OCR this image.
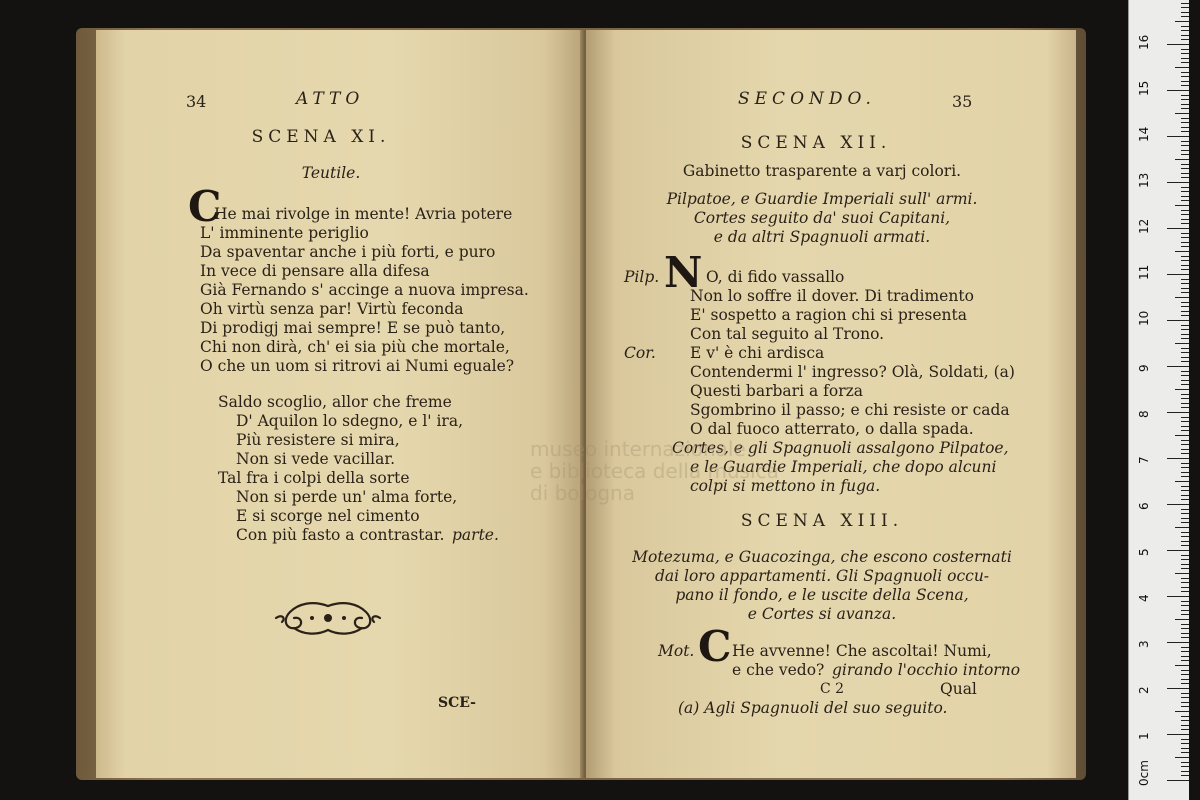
34	ATTO
SCENA XI.
Teutile.
C
He mai rivolge in mente! Avria potere
L' imminente periglio
Da spaventar anche i più forti, e puro
In vece di pensare alla difesa
Già Fernando s' accinge a nuova impresa.
Oh virtù senza par! Virtù feconda
Di prodigj mai sempre! E se può tanto,
Chi non dirà, ch' ei sia più che mortale,
O che un uom si ritrovi ai Numi eguale?
Saldo scoglio, allor che freme
D' Aquilon lo sdegno, e l' ira,
Più resistere si mira,
Non si vede vacillar.
Tal fra i colpi della sorte
Non si perde un' alma forte,
E si scorge nel cimento
Con più fasto a contrastar. parte.
SCE-
SECONDO.	35
SCENA XII.
Gabinetto trasparente a varj colori.
Pilpatoe, e Guardie Imperiali sull' armi.
Cortes seguito da' suoi Capitani,
e da altri Spagnuoli armati.
Pilp. N O, di fido vassallo
Non lo soffre il dover. Di tradimento
E' sospetto a ragion chi si presenta
Con tal seguito al Trono.
Cor. E v' è chi ardisca
Contendermi l' ingresso? Olà, Soldati, (a)
Questi barbari a forza
Sgombrino il passo; e chi resiste or cada
O dal fuoco atterrato, o dalla spada.
Cortes, e gli Spagnuoli assalgono Pilpatoe,
e le Guardie Imperiali, che dopo alcuni
colpi si mettono in fuga.
SCENA XIII.
Motezuma, e Guacozinga, che escono costernati
dai loro appartamenti. Gli Spagnuoli occu-
pano il fondo, e le uscite della Scena,
e Cortes si avanza.
Mot. C He avvenne! Che ascoltai! Numi,
e che vedo? girando l'occhio intorno
C 2	Qual
(a) Agli Spagnuoli del suo seguito.
museo internazionale
e biblioteca della musica
di bologna
0cm
1
2
3
4
5
6
7
8
9
10
11
12
13
14
15
16
